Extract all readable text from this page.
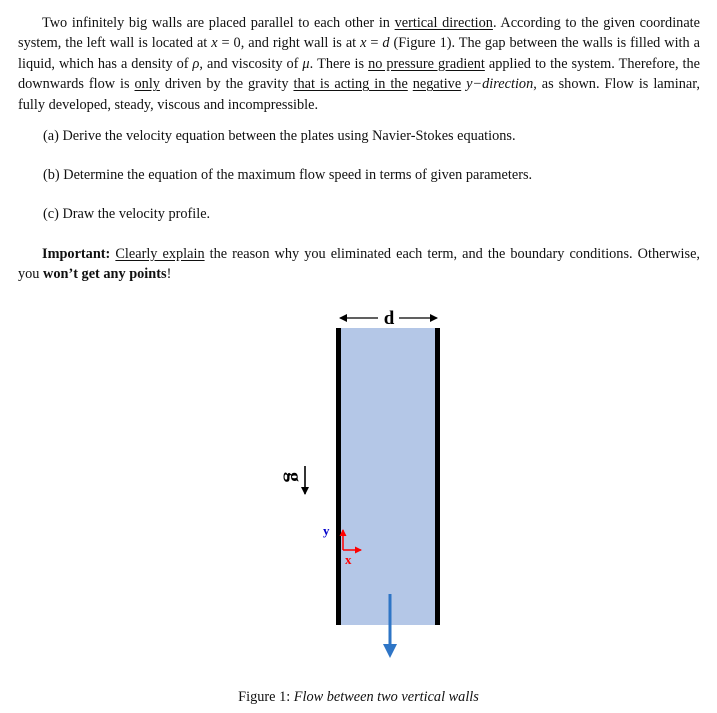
Two infinitely big walls are placed parallel to each other in vertical direction. According to the given coordinate system, the left wall is located at x = 0, and right wall is at x = d (Figure 1). The gap between the walls is filled with a liquid, which has a density of ρ, and viscosity of μ. There is no pressure gradient applied to the system. Therefore, the downwards flow is only driven by the gravity that is acting in the negative y−direction, as shown. Flow is laminar, fully developed, steady, viscous and incompressible.
(a) Derive the velocity equation between the plates using Navier-Stokes equations.
(b) Determine the equation of the maximum flow speed in terms of given parameters.
(c) Draw the velocity profile.
Important: Clearly explain the reason why you eliminated each term, and the boundary conditions. Otherwise, you won’t get any points!
d
g
y
x
Figure 1: Flow between two vertical walls
